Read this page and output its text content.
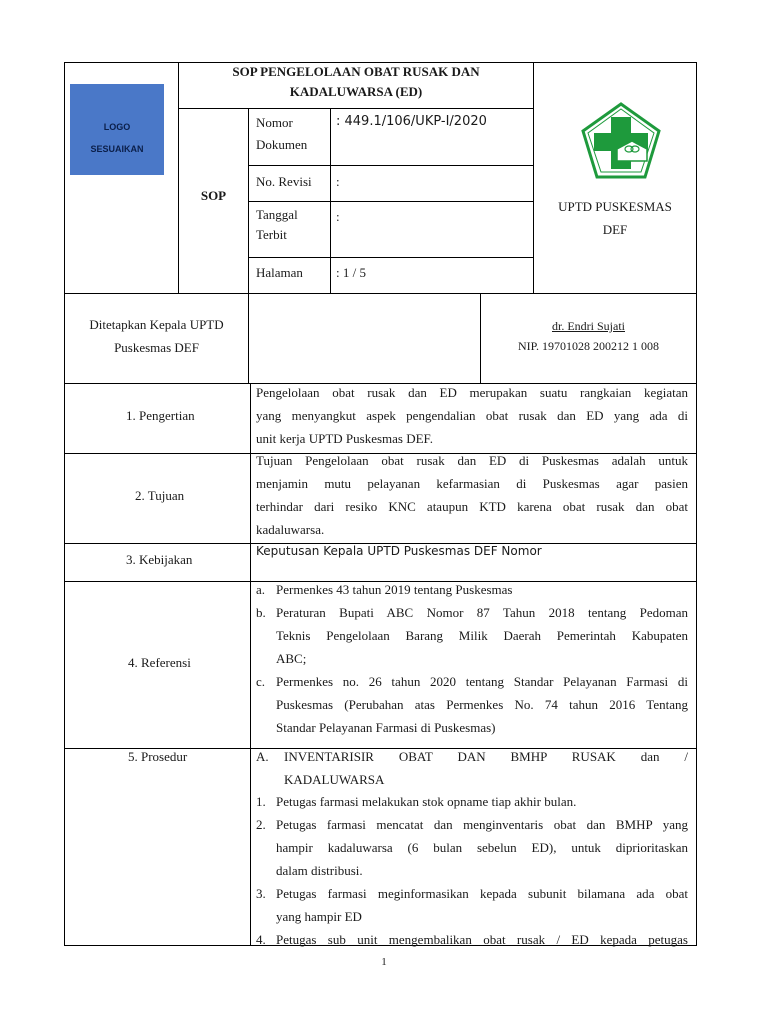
LOGO
SESUAIKAN
SOP PENGELOLAAN OBAT RUSAK DAN
KADALUWARSA (ED)
SOP
Nomor
Dokumen
: 449.1/106/UKP-I/2020
No. Revisi :
Tanggal
Terbit
:
Halaman	: 1 / 5
UPTD PUSKESMAS
DEF
Ditetapkan Kepala UPTD
Puskesmas DEF
dr. Endri Sujati
NIP. 19701028 200212 1 008
1. Pengertian
Pengelolaan obat rusak dan ED merupakan suatu rangkaian kegiatan
yang menyangkut aspek pengendalian obat rusak dan ED yang ada di
unit kerja UPTD Puskesmas DEF.
2. Tujuan
Tujuan Pengelolaan obat rusak dan ED di Puskesmas adalah untuk
menjamin mutu pelayanan kefarmasian di Puskesmas agar pasien
terhindar dari resiko KNC ataupun KTD karena obat rusak dan obat
kadaluwarsa.
3. Kebijakan
Keputusan Kepala UPTD Puskesmas DEF Nomor
4. Referensi
a. Permenkes 43 tahun 2019 tentang Puskesmas
b. Peraturan Bupati ABC Nomor 87 Tahun 2018 tentang Pedoman
Teknis Pengelolaan Barang Milik Daerah Pemerintah Kabupaten
ABC;
c. Permenkes no. 26 tahun 2020 tentang Standar Pelayanan Farmasi di
Puskesmas (Perubahan atas Permenkes No. 74 tahun 2016 Tentang
Standar Pelayanan Farmasi di Puskesmas)
5. Prosedur	A. INVENTARISIR OBAT DAN BMHP RUSAK dan /
KADALUWARSA
1. Petugas farmasi melakukan stok opname tiap akhir bulan.
2. Petugas farmasi mencatat dan menginventaris obat dan BMHP yang
hampir kadaluwarsa (6 bulan sebelun ED), untuk diprioritaskan
dalam distribusi.
3. Petugas farmasi meginformasikan kepada subunit bilamana ada obat
yang hampir ED
4. Petugas sub unit mengembalikan obat rusak / ED kepada petugas
1
